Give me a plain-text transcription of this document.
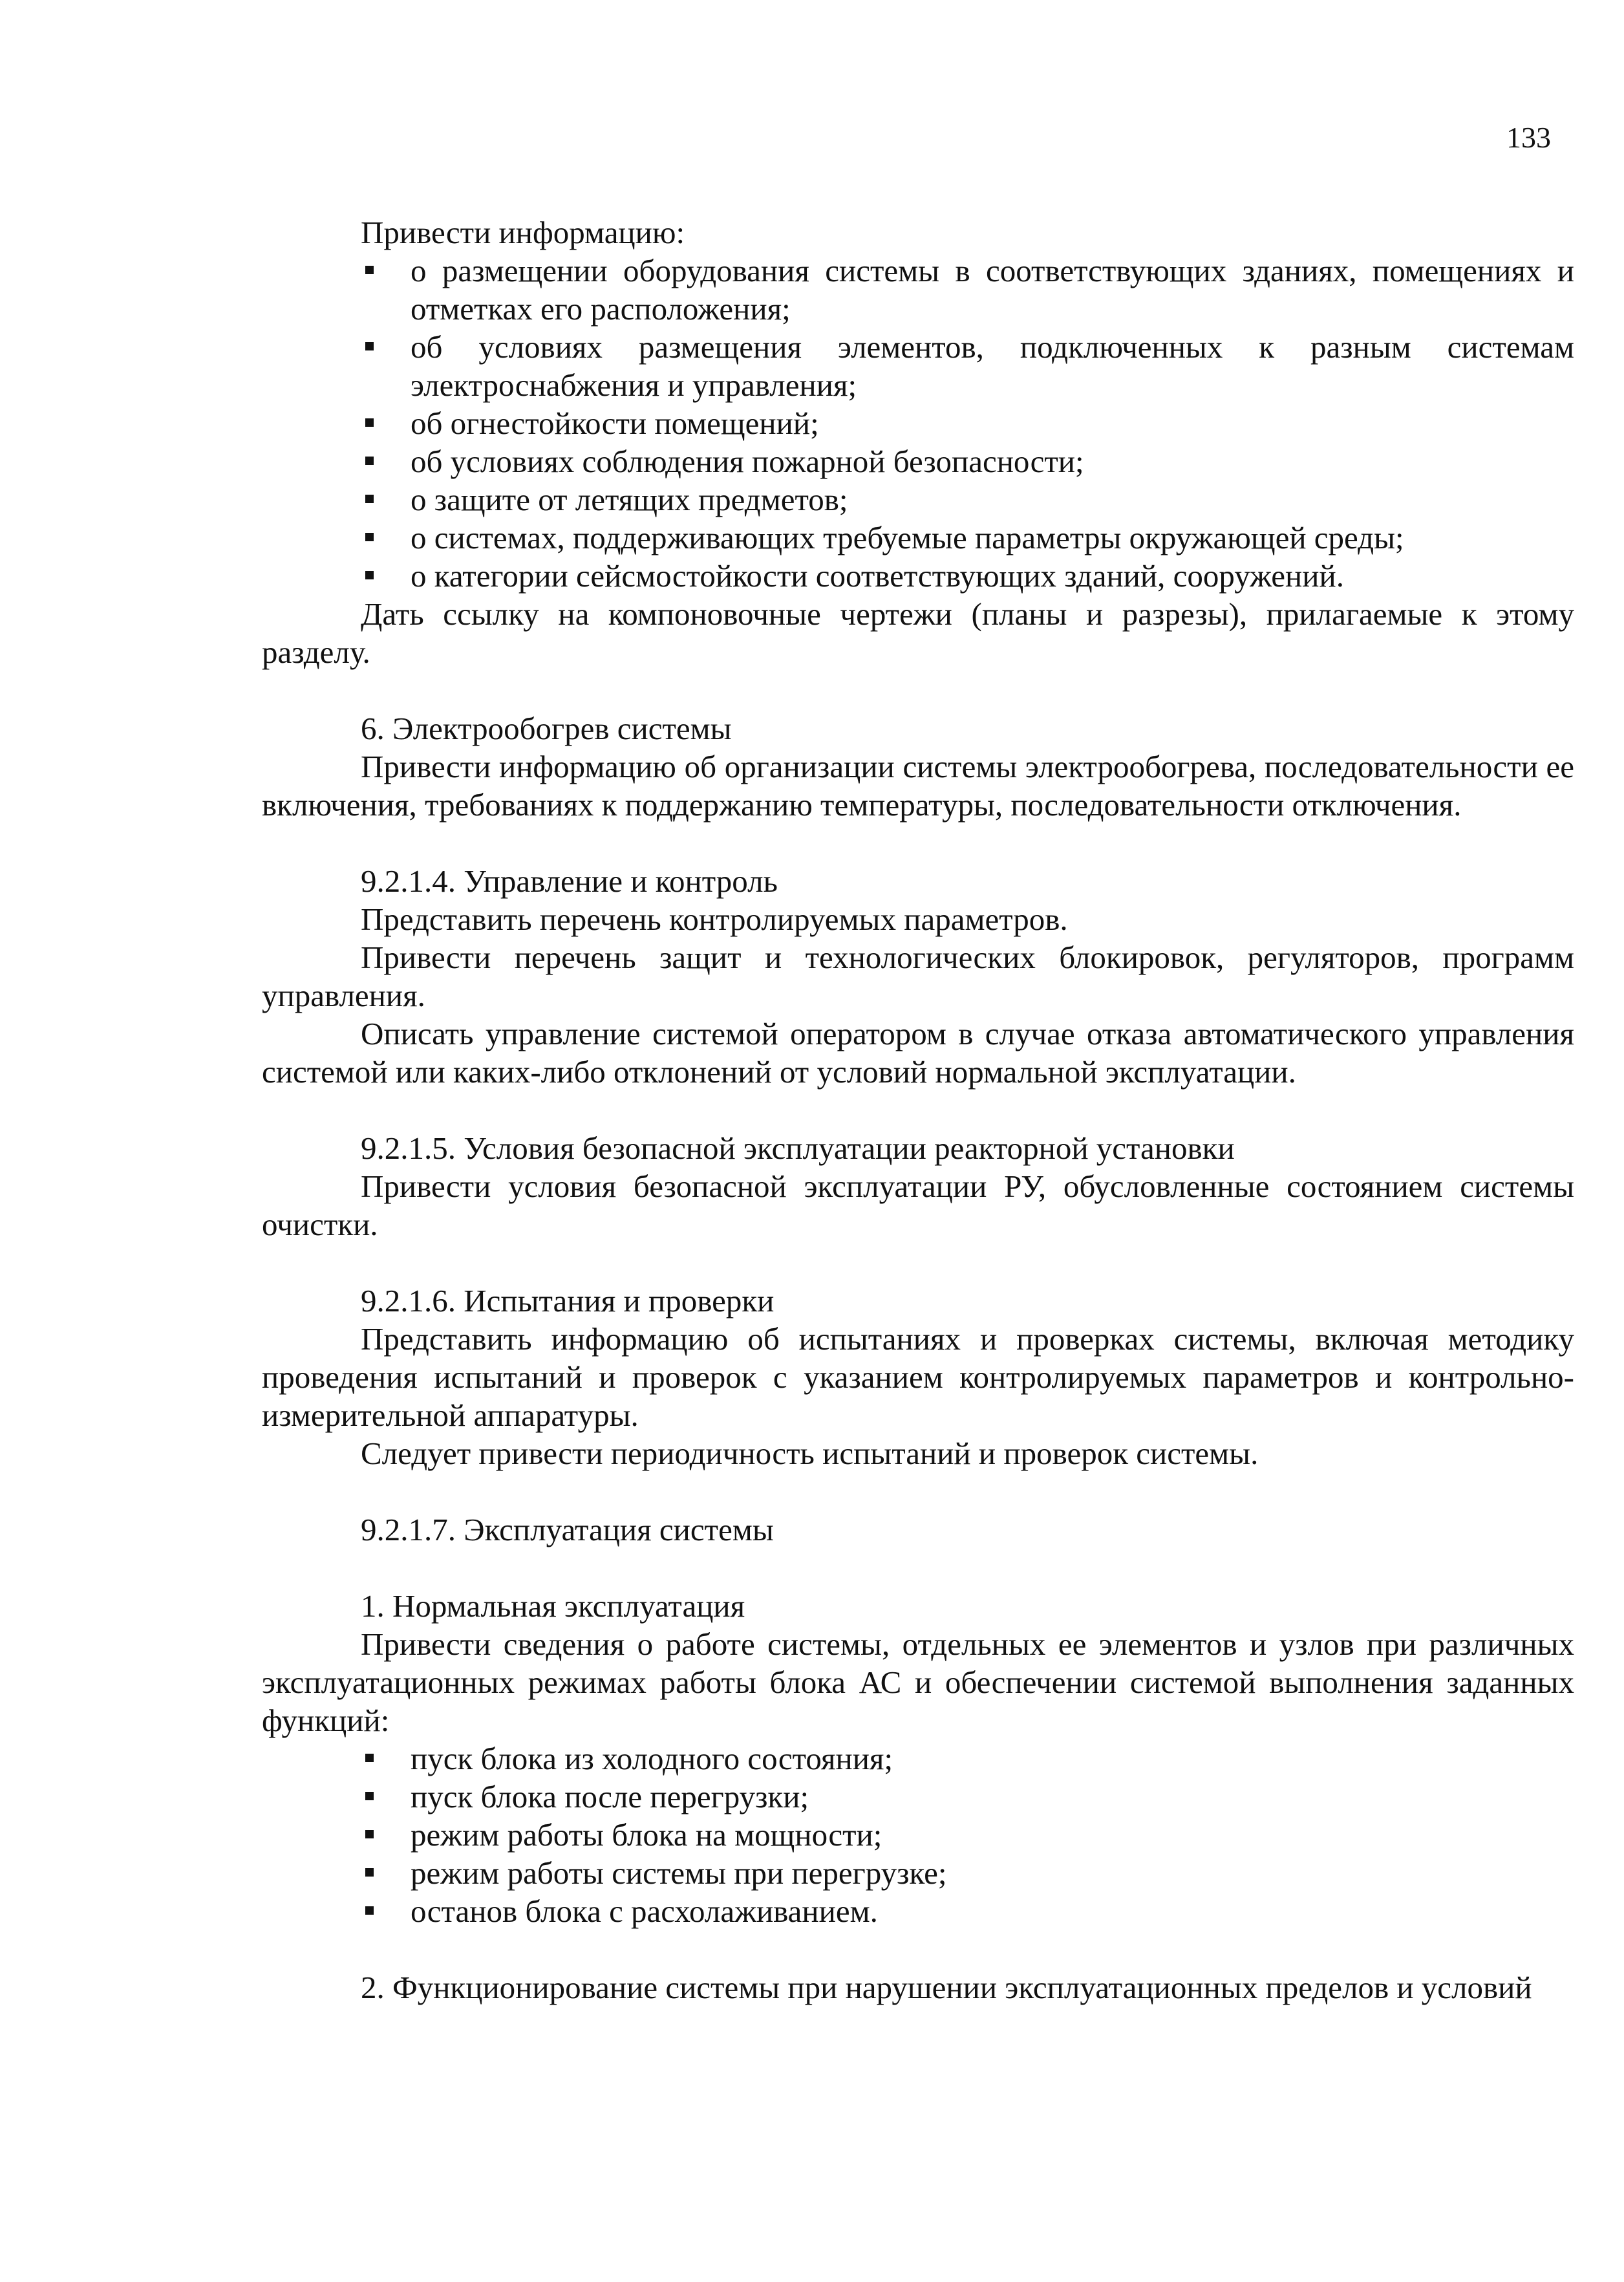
133

Привести информацию:

о размещении оборудования системы в соответствующих зданиях, помещениях и отметках его расположения;
об условиях размещения элементов, подключенных к разным системам электроснабжения и управления;
об огнестойкости помещений;
об условиях соблюдения пожарной безопасности;
о защите от летящих предметов;
о системах, поддерживающих требуемые параметры окружающей среды;
о категории сейсмостойкости соответствующих зданий, сооружений.

Дать ссылку на компоновочные чертежи (планы и разрезы), прилагаемые к этому разделу.

6. Электрообогрев системы

Привести информацию об организации системы электрообогрева, последовательности ее включения, требованиях к поддержанию температуры, последовательности отключения.

9.2.1.4. Управление и контроль

Представить перечень контролируемых параметров.

Привести перечень защит и технологических блокировок, регуляторов, программ управления.

Описать управление системой оператором в случае отказа автоматического управления системой или каких-либо отклонений от условий нормальной эксплуатации.

9.2.1.5. Условия безопасной эксплуатации реакторной установки

Привести условия безопасной эксплуатации РУ, обусловленные состоянием системы очистки.

9.2.1.6. Испытания и проверки

Представить информацию об испытаниях и проверках системы, включая методику проведения испытаний и проверок с указанием контролируемых параметров и контрольно-измерительной аппаратуры.

Следует привести периодичность испытаний и проверок системы.

9.2.1.7. Эксплуатация системы

1. Нормальная эксплуатация

Привести сведения о работе системы, отдельных ее элементов и узлов при различных эксплуатационных режимах работы блока АС и обеспечении системой выполнения заданных функций:

пуск блока из холодного состояния;
пуск блока после перегрузки;
режим работы блока на мощности;
режим работы системы при перегрузке;
останов блока с расхолаживанием.

2. Функционирование системы при нарушении эксплуатационных пределов и условий
